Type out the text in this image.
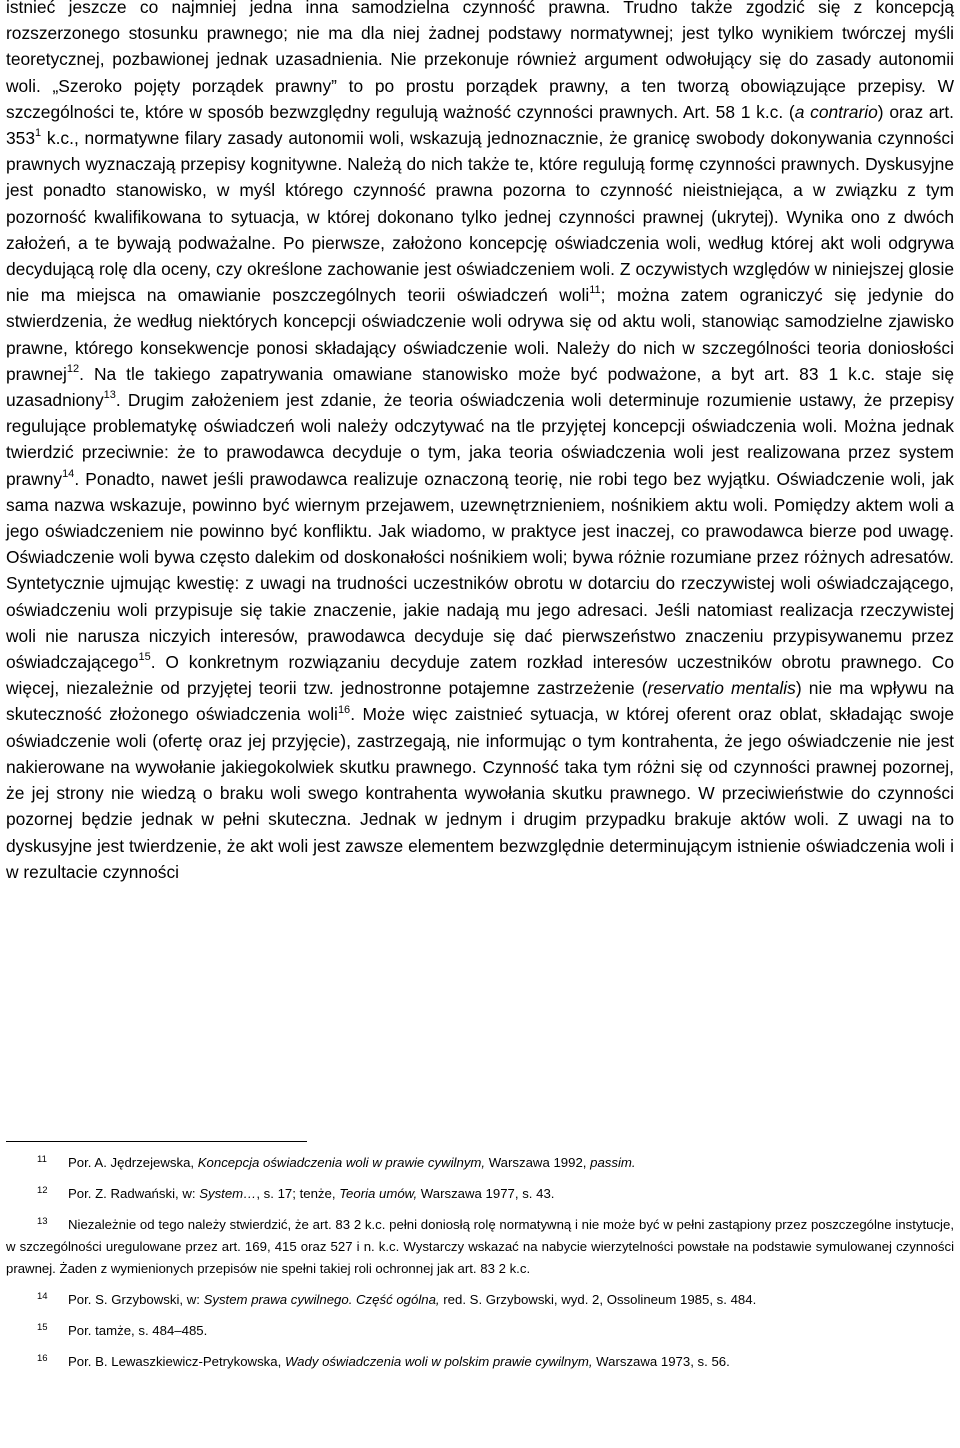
istnieć jeszcze co najmniej jedna inna samodzielna czynność prawna. Trudno także zgodzić się z koncepcją rozszerzonego stosunku prawnego; nie ma dla niej żadnej podstawy normatywnej; jest tylko wynikiem twórczej myśli teoretycznej, pozbawionej jednak uzasadnienia. Nie przekonuje również argument odwołujący się do zasady autonomii woli. „Szeroko pojęty porządek prawny” to po prostu porządek prawny, a ten tworzą obowiązujące przepisy. W szczególności te, które w sposób bezwzględny regulują ważność czynności prawnych. Art. 58 1 k.c. (a contrario) oraz art. $353^1$ k.c., normatywne filary zasady autonomii woli, wskazują jednoznacznie, że granicę swobody dokonywania czynności prawnych wyznaczają przepisy kognitywne. Należą do nich także te, które regulują formę czynności prawnych. Dyskusyjne jest ponadto stanowisko, w myśl którego czynność prawna pozorna to czynność nieistniejąca, a w związku z tym pozorność kwalifikowana to sytuacja, w której dokonano tylko jednej czynności prawnej (ukrytej). Wynika ono z dwóch założeń, a te bywają podważalne. Po pierwsze, założono koncepcję oświadczenia woli, według której akt woli odgrywa decydującą rolę dla oceny, czy określone zachowanie jest oświadczeniem woli. Z oczywistych względów w niniejszej glosie nie ma miejsca na omawianie poszczególnych teorii oświadczeń woli$^{11}$; można zatem ograniczyć się jedynie do stwierdzenia, że według niektórych koncepcji oświadczenie woli odrywa się od aktu woli, stanowiąc samodzielne zjawisko prawne, którego konsekwencje ponosi składający oświadczenie woli. Należy do nich w szczególności teoria doniosłości prawnej$^{12}$. Na tle takiego zapatrywania omawiane stanowisko może być podważone, a byt art. 83 1 k.c. staje się uzasadniony$^{13}$. Drugim założeniem jest zdanie, że teoria oświadczenia woli determinuje rozumienie ustawy, że przepisy regulujące problematykę oświadczeń woli należy odczytywać na tle przyjętej koncepcji oświadczenia woli. Można jednak twierdzić przeciwnie: że to prawodawca decyduje o tym, jaka teoria oświadczenia woli jest realizowana przez system prawny$^{14}$. Ponadto, nawet jeśli prawodawca realizuje oznaczoną teorię, nie robi tego bez wyjątku. Oświadczenie woli, jak sama nazwa wskazuje, powinno być wiernym przejawem, uzewnętrznieniem, nośnikiem aktu woli. Pomiędzy aktem woli a jego oświadczeniem nie powinno być konfliktu. Jak wiadomo, w praktyce jest inaczej, co prawodawca bierze pod uwagę. Oświadczenie woli bywa często dalekim od doskonałości nośnikiem woli; bywa różnie rozumiane przez różnych adresatów. Syntetycznie ujmując kwestię: z uwagi na trudności uczestników obrotu w dotarciu do rzeczywistej woli oświadczającego, oświadczeniu woli przypisuje się takie znaczenie, jakie nadają mu jego adresaci. Jeśli natomiast realizacja rzeczywistej woli nie narusza niczyich interesów, prawodawca decyduje się dać pierwszeństwo znaczeniu przypisywanemu przez oświadczającego$^{15}$. O konkretnym rozwiązaniu decyduje zatem rozkład interesów uczestników obrotu prawnego. Co więcej, niezależnie od przyjętej teorii tzw. jednostronne potajemne zastrzeżenie (reservatio mentalis) nie ma wpływu na skuteczność złożonego oświadczenia woli$^{16}$. Może więc zaistnieć sytuacja, w której oferent oraz oblat, składając swoje oświadczenie woli (ofertę oraz jej przyjęcie), zastrzegają, nie informując o tym kontrahenta, że jego oświadczenie nie jest nakierowane na wywołanie jakiegokolwiek skutku prawnego. Czynność taka tym różni się od czynności prawnej pozornej, że jej strony nie wiedzą o braku woli swego kontrahenta wywołania skutku prawnego. W przeciwieństwie do czynności pozornej będzie jednak w pełni skuteczna. Jednak w jednym i drugim przypadku brakuje aktów woli. Z uwagi na to dyskusyjne jest twierdzenie, że akt woli jest zawsze elementem bezwzględnie determinującym istnienie oświadczenia woli i w rezultacie czynności

11 Por. A. Jędrzejewska, Koncepcja oświadczenia woli w prawie cywilnym, Warszawa 1992, passim.

12 Por. Z. Radwański, w: System…, s. 17; tenże, Teoria umów, Warszawa 1977, s. 43.

13 Niezależnie od tego należy stwierdzić, że art. 83 2 k.c. pełni doniosłą rolę normatywną i nie może być w pełni zastąpiony przez poszczególne instytucje, w szczególności uregulowane przez art. 169, 415 oraz 527 i n. k.c. Wystarczy wskazać na nabycie wierzytelności powstałe na podstawie symulowanej czynności prawnej. Żaden z wymienionych przepisów nie spełni takiej roli ochronnej jak art. 83 2 k.c.

14 Por. S. Grzybowski, w: System prawa cywilnego. Część ogólna, red. S. Grzybowski, wyd. 2, Ossolineum 1985, s. 484.

15 Por. tamże, s. 484–485.

16 Por. B. Lewaszkiewicz-Petrykowska, Wady oświadczenia woli w polskim prawie cywilnym, Warszawa 1973, s. 56.
